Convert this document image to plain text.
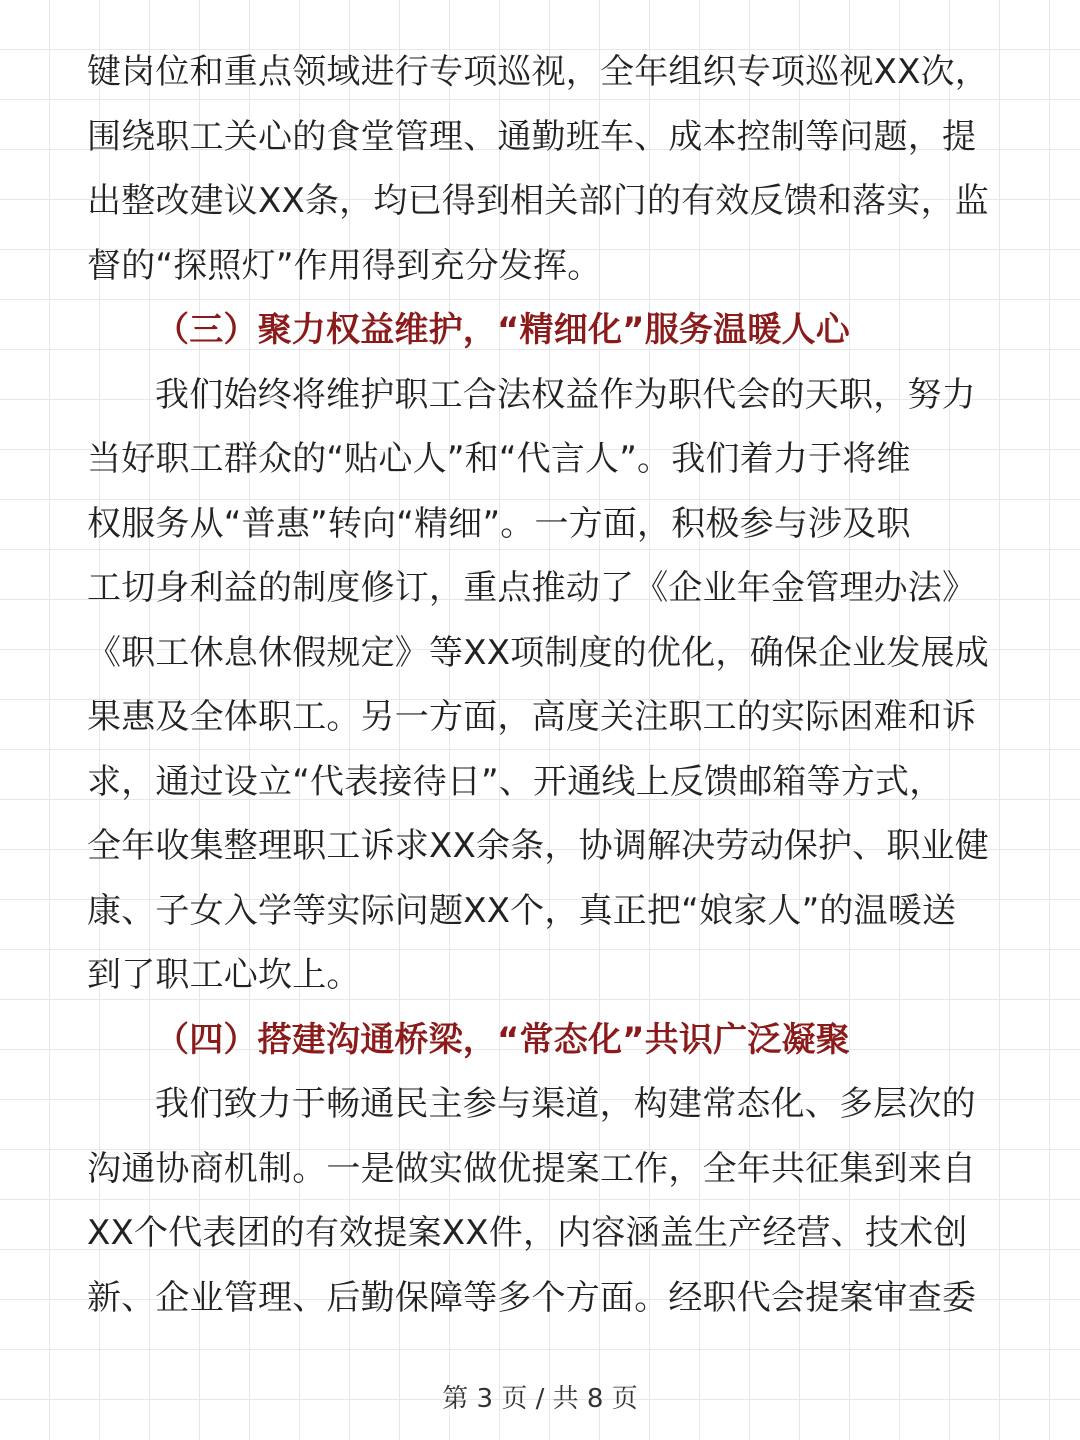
键岗位和重点领域进行专项巡视，全年组织专项巡视XX次，
围绕职工关心的食堂管理、通勤班车、成本控制等问题，提
出整改建议XX条，均已得到相关部门的有效反馈和落实，监
督的“探照灯”作用得到充分发挥。
（三）聚力权益维护，“精细化”服务温暖人心
我们始终将维护职工合法权益作为职代会的天职，努力
当好职工群众的“贴心人”和“代言人”。我们着力于将维
权服务从“普惠”转向“精细”。一方面，积极参与涉及职
工切身利益的制度修订，重点推动了《企业年金管理办法》
《职工休息休假规定》等XX项制度的优化，确保企业发展成
果惠及全体职工。另一方面，高度关注职工的实际困难和诉
求，通过设立“代表接待日”、开通线上反馈邮箱等方式，
全年收集整理职工诉求XX余条，协调解决劳动保护、职业健
康、子女入学等实际问题XX个，真正把“娘家人”的温暖送
到了职工心坎上。
（四）搭建沟通桥梁，“常态化”共识广泛凝聚
我们致力于畅通民主参与渠道，构建常态化、多层次的
沟通协商机制。一是做实做优提案工作，全年共征集到来自
XX个代表团的有效提案XX件，内容涵盖生产经营、技术创
新、企业管理、后勤保障等多个方面。经职代会提案审查委
第 3 页 / 共 8 页
